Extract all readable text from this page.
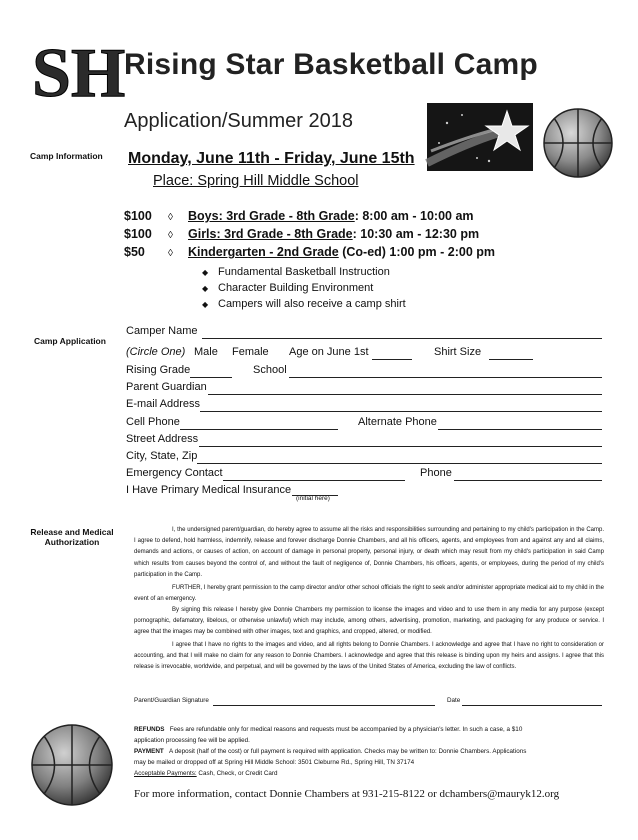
SH
Rising Star Basketball Camp
Application/Summer 2018
Camp Information Monday, June 11th - Friday, June 15th
Place: Spring Hill Middle School
$100 ◊ Boys: 3rd Grade - 8th Grade: 8:00 am - 10:00 am
$100 ◊ Girls: 3rd Grade - 8th Grade: 10:30 am - 12:30 pm
$50 ◊ Kindergarten - 2nd Grade (Co-ed) 1:00 pm - 2:00 pm
◆ Fundamental Basketball Instruction
◆ Character Building Environment
◆ Campers will also receive a camp shirt
Camp Application
Camper Name
(Circle One) Male Female Age on June 1st	Shirt Size
Rising Grade	School
Parent Guardian
E-mail Address
Cell Phone	Alternate Phone
Street Address
City, State, Zip
Emergency Contact	Phone
I Have Primary Medical Insurance
(initial here)
Release and Medical
Authorization
I, the undersigned parent/guardian, do hereby agree to assume all the risks and responsibilities surrounding and pertaining to my child's participation in the Camp. I agree to defend, hold harmless, indemnify, release and forever discharge Donnie Chambers, and all his officers, agents, and employees from and against any and all claims, demands and actions, or causes of action, on account of damage in personal property, personal injury, or death which may result from my child's participation in said Camp which results from causes beyond the control of, and without the fault of negligence of, Donnie Chambers, his officers, agents, or employees, during the period of my child's participation in the Camp.
FURTHER, I hereby grant permission to the camp director and/or other school officials the right to seek and/or administer appropriate medical aid to my child in the event of an emergency.
By signing this release I hereby give Donnie Chambers my permission to license the images and video and to use them in any media for any purpose (except pornographic, defamatory, libelous, or otherwise unlawful) which may include, among others, advertising, promotion, marketing, and packaging for any produce or service. I agree that the images may be combined with other images, text and graphics, and cropped, altered, or modified.
I agree that I have no rights to the images and video, and all rights belong to Donnie Chambers. I acknowledge and agree that I have no right to consideration or accounting, and that I will make no claim for any reason to Donnie Chambers. I acknowledge and agree that this release is binding upon my heirs and assigns. I agree that this release is irrevocable, worldwide, and perpetual, and will be governed by the laws of the United States of America, excluding the law of conflicts.
Parent/Guardian Signature	Date
REFUNDS Fees are refundable only for medical reasons and requests must be accompanied by a physician's letter. In such a case, a $10
application processing fee will be applied.
PAYMENT A deposit (half of the cost) or full payment is required with application. Checks may be written to: Donnie Chambers. Applications
may be mailed or dropped off at Spring Hill Middle School: 3501 Cleburne Rd., Spring Hill, TN 37174
Acceptable Payments: Cash, Check, or Credit Card
For more information, contact Donnie Chambers at 931-215-8122 or dchambers@mauryk12.org
